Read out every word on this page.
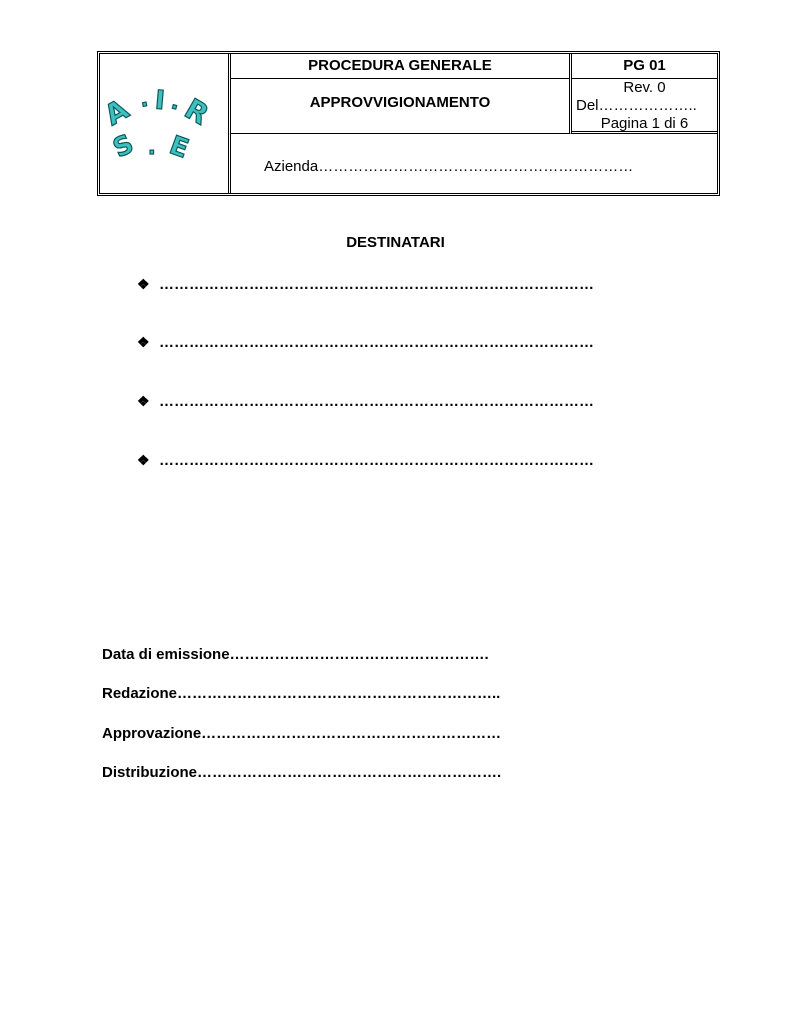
A . I .
R
S . E
PROCEDURA GENERALE
APPROVVIGIONAMENTO
PG 01
Rev. 0
Del………………..
Pagina 1 di 6
Azienda………………………………………………………
DESTINATARI
❖ ……………………………………………………………………………
❖ ……………………………………………………………………………
❖ ……………………………………………………………………………
❖ ……………………………………………………………………………
Data di emissione…………………………………………….
Redazione………………………………………………………..
Approvazione……………………………………………………
Distribuzione…………………………………………………….
